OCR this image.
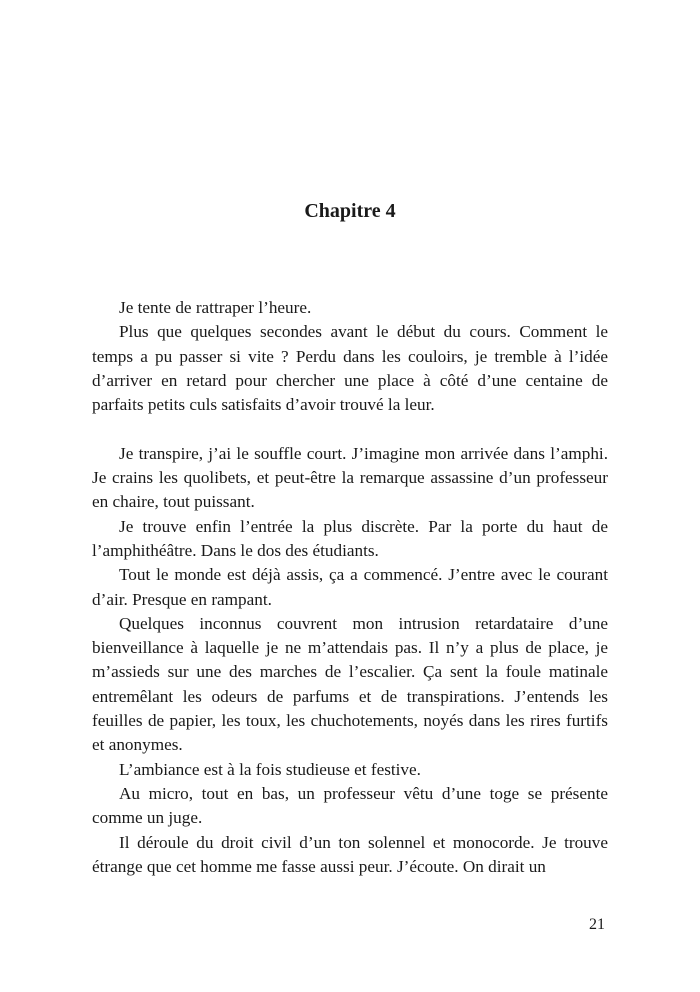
Chapitre 4

Je tente de rattraper l’heure.

Plus que quelques secondes avant le début du cours. Comment le temps a pu passer si vite ? Perdu dans les couloirs, je tremble à l’idée d’arriver en retard pour chercher une place à côté d’une centaine de parfaits petits culs satisfaits d’avoir trouvé la leur.

Je transpire, j’ai le souffle court. J’imagine mon arrivée dans l’amphi. Je crains les quolibets, et peut-être la remarque assassine d’un professeur en chaire, tout puissant.

Je trouve enfin l’entrée la plus discrète. Par la porte du haut de l’amphithéâtre. Dans le dos des étudiants.

Tout le monde est déjà assis, ça a commencé. J’entre avec le courant d’air. Presque en rampant.

Quelques inconnus couvrent mon intrusion retardataire d’une bienveillance à laquelle je ne m’attendais pas. Il n’y a plus de place, je m’assieds sur une des marches de l’escalier. Ça sent la foule matinale entremêlant les odeurs de parfums et de transpirations. J’entends les feuilles de papier, les toux, les chuchotements, noyés dans les rires furtifs et anonymes.

L’ambiance est à la fois studieuse et festive.

Au micro, tout en bas, un professeur vêtu d’une toge se présente comme un juge.

Il déroule du droit civil d’un ton solennel et monocorde. Je trouve étrange que cet homme me fasse aussi peur. J’écoute. On dirait un

21
